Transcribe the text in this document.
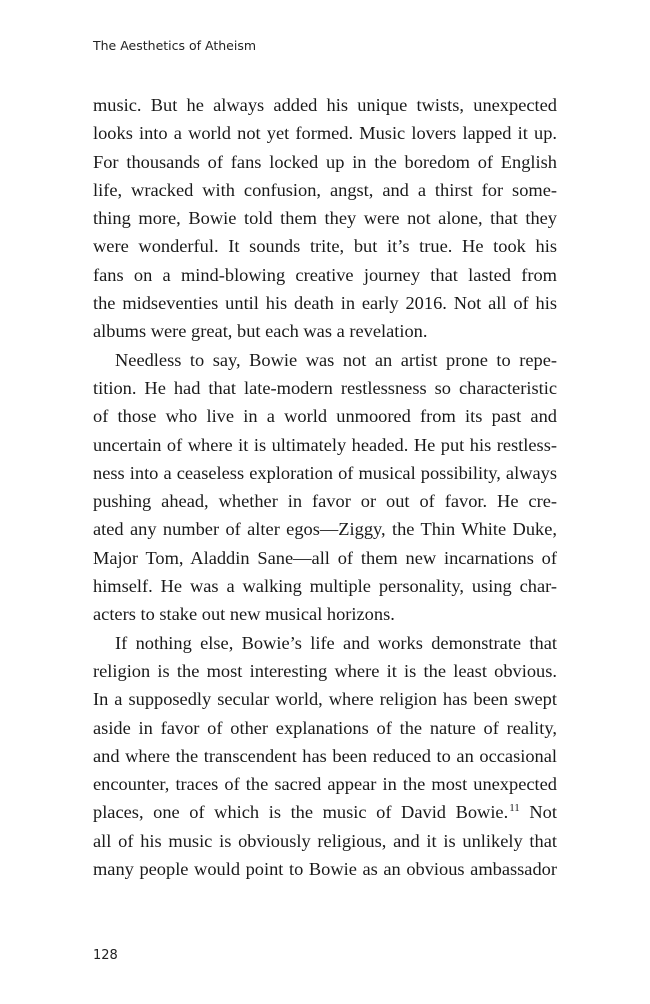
The Aesthetics of Atheism
music. But he always added his unique twists, unexpected
looks into a world not yet formed. Music lovers lapped it up.
For thousands of fans locked up in the boredom of English
life, wracked with confusion, angst, and a thirst for some-
thing more, Bowie told them they were not alone, that they
were wonderful. It sounds trite, but it’s true. He took his
fans on a mind-blowing creative journey that lasted from
the midseventies until his death in early 2016. Not all of his
albums were great, but each was a revelation.
Needless to say, Bowie was not an artist prone to repe-
tition. He had that late-modern restlessness so characteristic
of those who live in a world unmoored from its past and
uncertain of where it is ultimately headed. He put his restless-
ness into a ceaseless exploration of musical possibility, always
pushing ahead, whether in favor or out of favor. He cre-
ated any number of alter egos—Ziggy, the Thin White Duke,
Major Tom, Aladdin Sane—all of them new incarnations of
himself. He was a walking multiple personality, using char-
acters to stake out new musical horizons.
If nothing else, Bowie’s life and works demonstrate that
religion is the most interesting where it is the least obvious.
In a supposedly secular world, where religion has been swept
aside in favor of other explanations of the nature of reality,
and where the transcendent has been reduced to an occasional
encounter, traces of the sacred appear in the most unexpected
places, one of which is the music of David Bowie.$^{11}$ Not
all of his music is obviously religious, and it is unlikely that
many people would point to Bowie as an obvious ambassador
128
